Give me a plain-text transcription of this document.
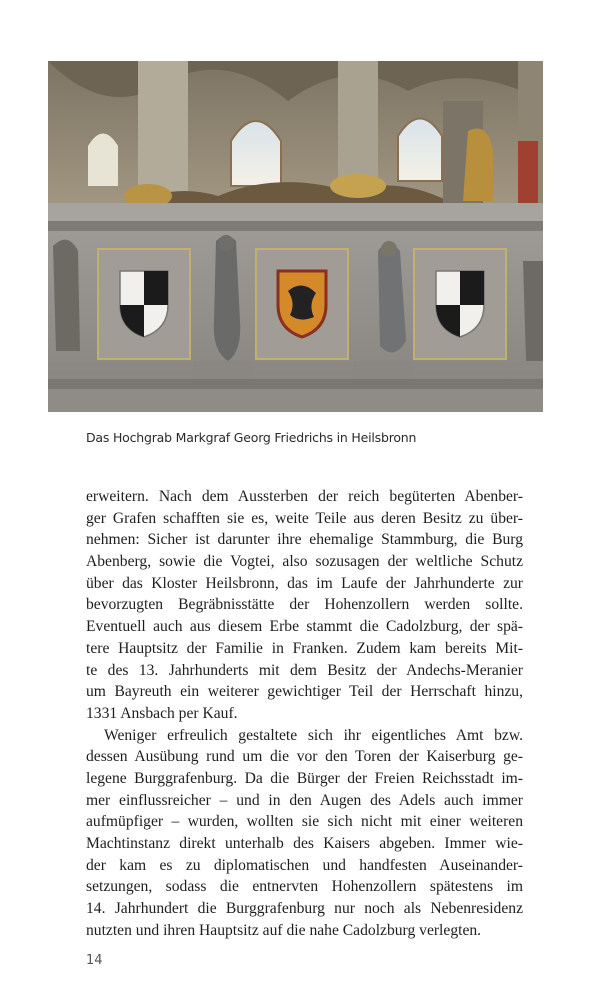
Das Hochgrab Markgraf Georg Friedrichs in Heilsbronn
erweitern. Nach dem Aussterben der reich begüterten Abenber-
ger Grafen schafften sie es, weite Teile aus deren Besitz zu über-
nehmen: Sicher ist darunter ihre ehemalige Stammburg, die Burg
Abenberg, sowie die Vogtei, also sozusagen der weltliche Schutz
über das Kloster Heilsbronn, das im Laufe der Jahrhunderte zur
bevorzugten Begräbnisstätte der Hohenzollern werden sollte.
Eventuell auch aus diesem Erbe stammt die Cadolzburg, der spä-
tere Hauptsitz der Familie in Franken. Zudem kam bereits Mit-
te des 13. Jahrhunderts mit dem Besitz der Andechs-Meranier
um Bayreuth ein weiterer gewichtiger Teil der Herrschaft hinzu,
1331 Ansbach per Kauf.
Weniger erfreulich gestaltete sich ihr eigentliches Amt bzw.
dessen Ausübung rund um die vor den Toren der Kaiserburg ge-
legene Burggrafenburg. Da die Bürger der Freien Reichsstadt im-
mer einflussreicher – und in den Augen des Adels auch immer
aufmüpfiger – wurden, wollten sie sich nicht mit einer weiteren
Machtinstanz direkt unterhalb des Kaisers abgeben. Immer wie-
der kam es zu diplomatischen und handfesten Auseinander-
setzungen, sodass die entnervten Hohenzollern spätestens im
14. Jahrhundert die Burggrafenburg nur noch als Nebenresidenz
nutzten und ihren Hauptsitz auf die nahe Cadolzburg verlegten.
14
